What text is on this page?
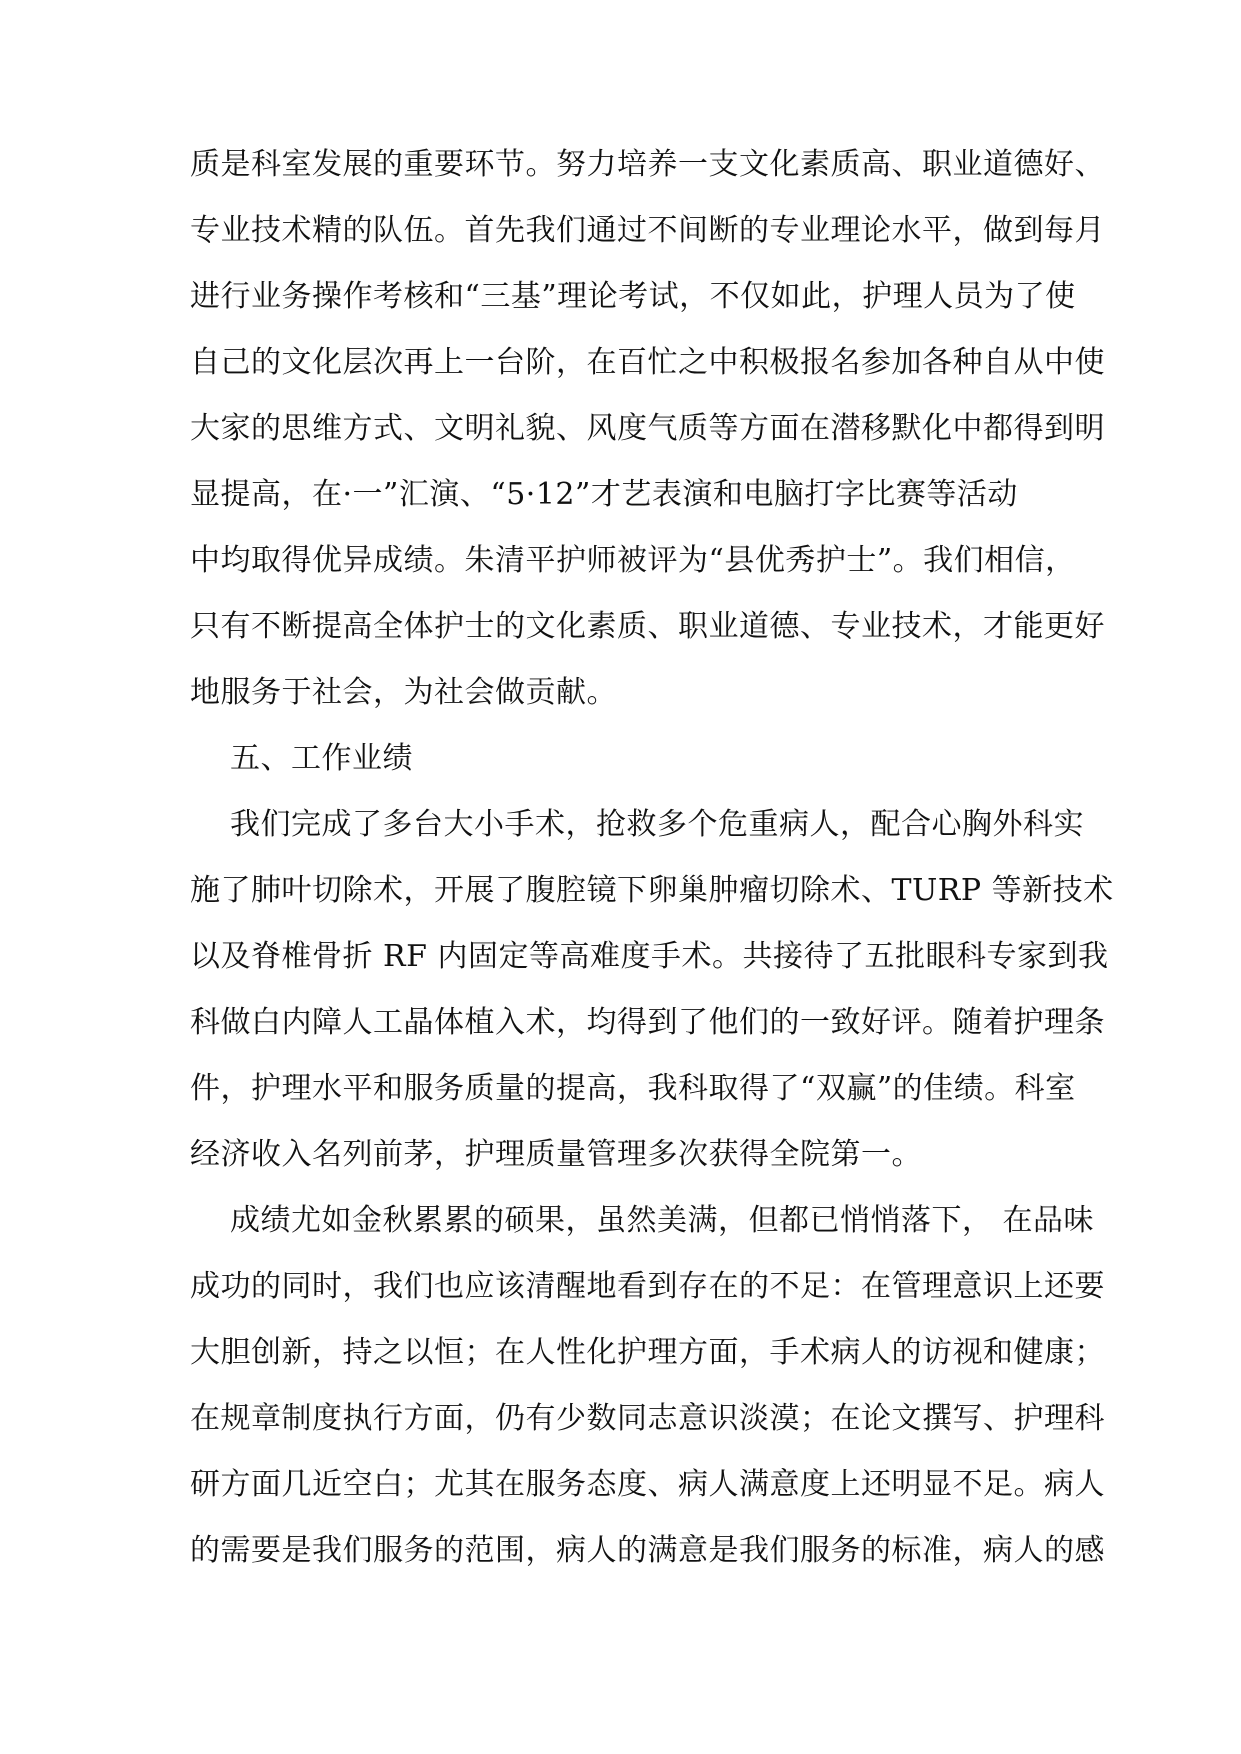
质是科室发展的重要环节。努力培养一支文化素质高、职业道德好、
专业技术精的队伍。首先我们通过不间断的专业理论水平，做到每月
进行业务操作考核和“三基”理论考试，不仅如此，护理人员为了使
自己的文化层次再上一台阶，在百忙之中积极报名参加各种自从中使
大家的思维方式、文明礼貌、风度气质等方面在潜移默化中都得到明
显提高，在·一”汇演、“5·12”才艺表演和电脑打字比赛等活动
中均取得优异成绩。朱清平护师被评为“县优秀护士”。我们相信，
只有不断提高全体护士的文化素质、职业道德、专业技术，才能更好
地服务于社会，为社会做贡献。
五、工作业绩
我们完成了多台大小手术，抢救多个危重病人，配合心胸外科实
施了肺叶切除术，开展了腹腔镜下卵巢肿瘤切除术、TURP 等新技术
以及脊椎骨折 RF 内固定等高难度手术。共接待了五批眼科专家到我
科做白内障人工晶体植入术，均得到了他们的一致好评。随着护理条
件，护理水平和服务质量的提高，我科取得了“双赢”的佳绩。科室
经济收入名列前茅，护理质量管理多次获得全院第一。
成绩尤如金秋累累的硕果，虽然美满，但都已悄悄落下， 在品味
成功的同时，我们也应该清醒地看到存在的不足：在管理意识上还要
大胆创新，持之以恒；在人性化护理方面，手术病人的访视和健康；
在规章制度执行方面，仍有少数同志意识淡漠；在论文撰写、护理科
研方面几近空白；尤其在服务态度、病人满意度上还明显不足。病人
的需要是我们服务的范围，病人的满意是我们服务的标准，病人的感
